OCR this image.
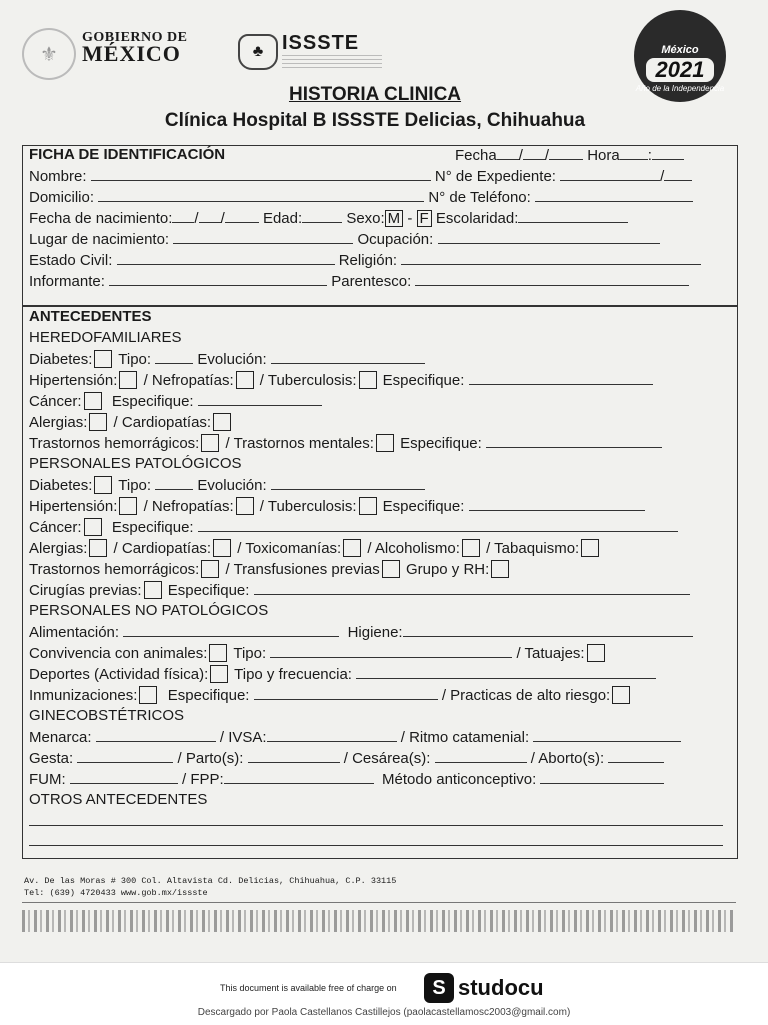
⚜
GOBIERNO DE
MÉXICO	♣ ISSSTE	México
2021
Año de la Independencia
HISTORIA CLINICA
Clínica Hospital B ISSSTE Delicias, Chihuahua
FICHA DE IDENTIFICACIÓN	Fecha / /	Hora :
Nombre:	N° de Expediente:	/
Domicilio:	N° de Teléfono:
Fecha de nacimiento: / /	Edad:	Sexo: M - F Escolaridad:
Lugar de nacimiento:	Ocupación:
Estado Civil:	Religión:
Informante:	Parentesco:
ANTECEDENTES
HEREDOFAMILIARES
Diabetes: Tipo:	Evolución:
Hipertensión: / Nefropatías: / Tuberculosis: Especifique:
Cáncer: Especifique:
Alergias: / Cardiopatías:
Trastornos hemorrágicos: / Trastornos mentales: Especifique:
PERSONALES PATOLÓGICOS
Diabetes: Tipo:	Evolución:
Hipertensión: / Nefropatías: / Tuberculosis: Especifique:
Cáncer: Especifique:
Alergias: / Cardiopatías: / Toxicomanías: / Alcoholismo: / Tabaquismo:
Trastornos hemorrágicos: / Transfusiones previas Grupo y RH:
Cirugías previas: Especifique:
PERSONALES NO PATOLÓGICOS
Alimentación:	Higiene:
Convivencia con animales: Tipo:	/ Tatuajes:
Deportes (Actividad física): Tipo y frecuencia:
Inmunizaciones: Especifique:	/ Practicas de alto riesgo:
GINECOBSTÉTRICOS
Menarca:	/ IVSA:	/ Ritmo catamenial:
Gesta:	/ Parto(s):	/ Cesárea(s):	/ Aborto(s):
FUM:	/ FPP:	Método anticonceptivo:
OTROS ANTECEDENTES
Av. De las Moras # 300 Col. Altavista Cd. Delicias, Chihuahua, C.P. 33115
Tel: (639) 4720433 www.gob.mx/issste
This document is available free of charge on	S studocu
Descargado por Paola Castellanos Castillejos (paolacastellamosc2003@gmail.com)
